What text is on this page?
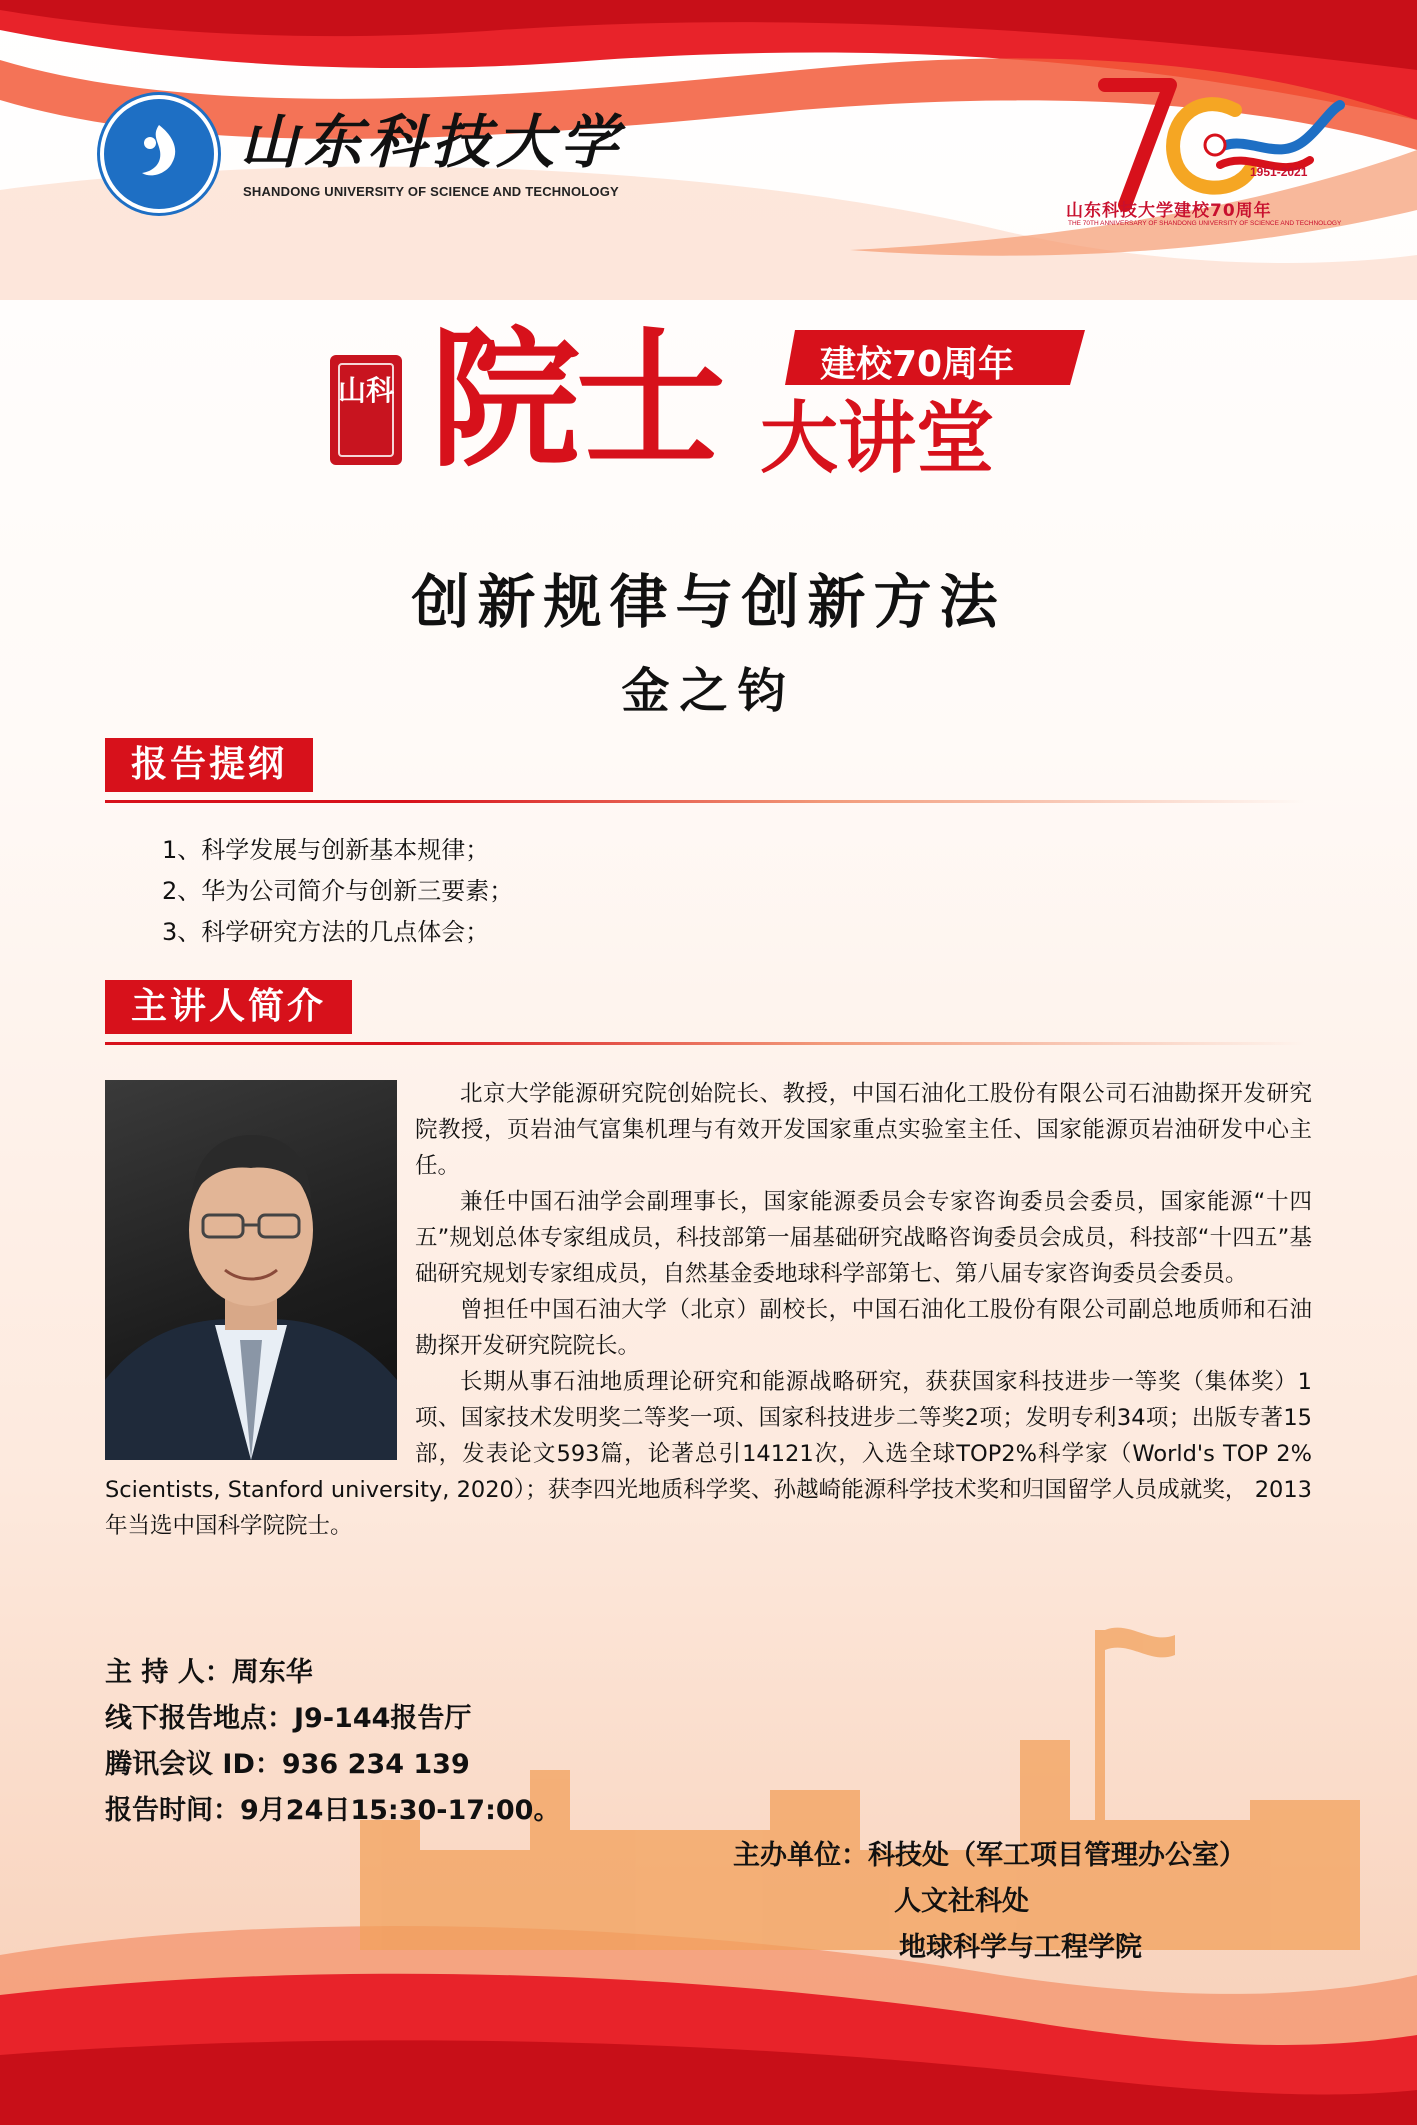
山东科技大学
SHANDONG UNIVERSITY OF SCIENCE AND TECHNOLOGY
1951-2021
山东科技大学建校70周年
THE 70TH ANNIVERSARY OF SHANDONG UNIVERSITY OF SCIENCE AND TECHNOLOGY
山科
建校70周年
院士 大讲堂
创新规律与创新方法
金之钧
报告提纲
1、科学发展与创新基本规律；
2、华为公司简介与创新三要素；
3、科学研究方法的几点体会；
主讲人简介

北京大学能源研究院创始院长、教授，中国石油化工股份有限公司石油勘探开发研究院教授，页岩油气富集机理与有效开发国家重点实验室主任、国家能源页岩油研发中心主任。

兼任中国石油学会副理事长，国家能源委员会专家咨询委员会委员，国家能源“十四五”规划总体专家组成员，科技部第一届基础研究战略咨询委员会成员，科技部“十四五”基础研究规划专家组成员，自然基金委地球科学部第七、第八届专家咨询委员会委员。

曾担任中国石油大学（北京）副校长，中国石油化工股份有限公司副总地质师和石油勘探开发研究院院长。

长期从事石油地质理论研究和能源战略研究，获获国家科技进步一等奖（集体奖）1项、国家技术发明奖二等奖一项、国家科技进步二等奖2项；发明专利34项；出版专著15部，发表论文593篇，论著总引14121次，入选全球TOP2%科学家（World's TOP 2% Scientists, Stanford university, 2020）；获李四光地质科学奖、孙越崎能源科学技术奖和归国留学人员成就奖， 2013年当选中国科学院院士。

主 持 人：周东华
线下报告地点：J9-144报告厅
腾讯会议 ID：936 234 139
报告时间：9月24日15:30-17:00。
主办单位：科技处（军工项目管理办公室）
人文社科处
地球科学与工程学院
